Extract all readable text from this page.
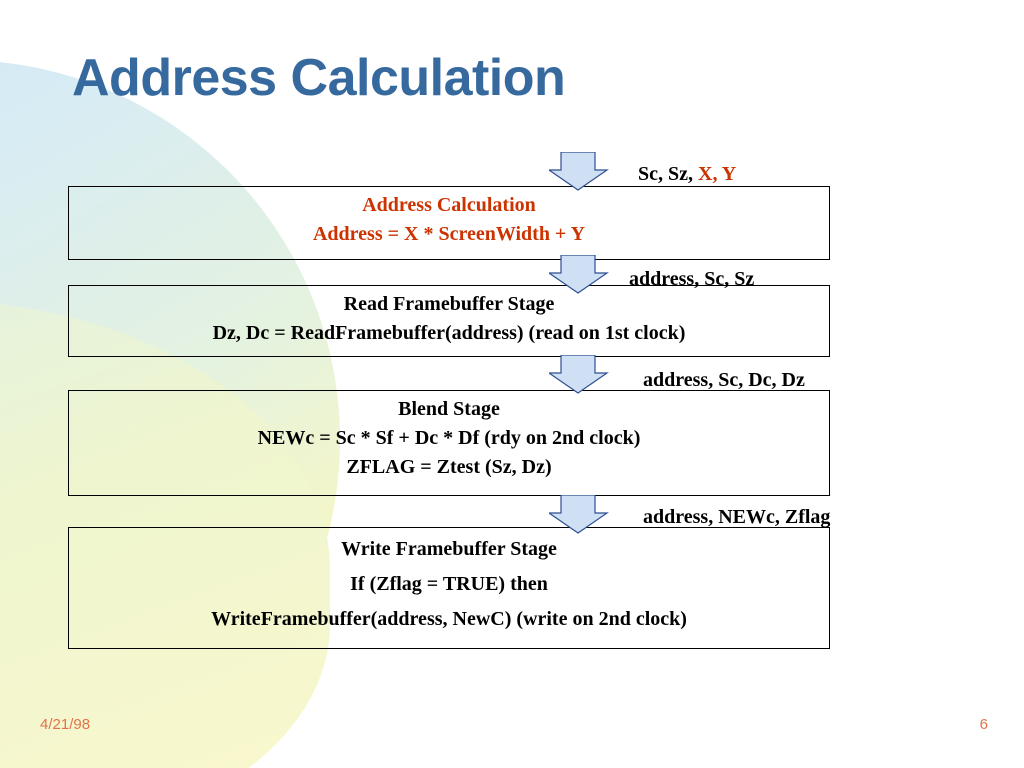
Address Calculation
Sc, Sz, X, Y
Address Calculation
Address = X * ScreenWidth + Y
address, Sc, Sz
Read Framebuffer Stage
Dz, Dc = ReadFramebuffer(address) (read on 1st clock)
address, Sc, Dc, Dz
Blend Stage
NEWc = Sc * Sf + Dc * Df (rdy on 2nd clock)
ZFLAG = Ztest (Sz, Dz)
address, NEWc, Zflag
Write Framebuffer Stage
If (Zflag = TRUE) then
WriteFramebuffer(address, NewC) (write on 2nd clock)
4/21/98	6
